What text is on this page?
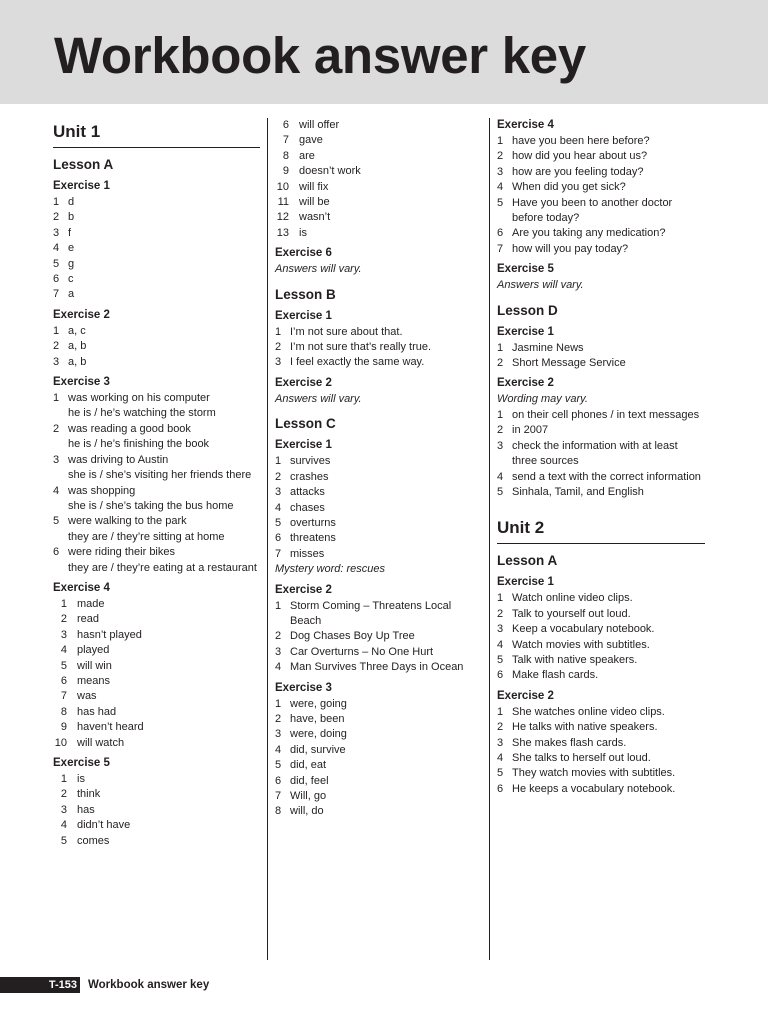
Workbook answer key
Unit 1
Lesson A
Exercise 1
1 d
2 b
3 f
4 e
5 g
6 c
7 a
Exercise 2
1 a, c
2 a, b
3 a, b
Exercise 3
1 was working on his computer
he is / he’s watching the storm
2 was reading a good book
he is / he’s finishing the book
3 was driving to Austin
she is / she’s visiting her friends there
4 was shopping
she is / she’s taking the bus home
5 were walking to the park
they are / they’re sitting at home
6 were riding their bikes
they are / they’re eating at a restaurant
Exercise 4
1 made
2 read
3 hasn’t played
4 played
5 will win
6 means
7 was
8 has had
9 haven’t heard
10 will watch
Exercise 5
1 is
2 think
3 has
4 didn’t have
5 comes
6 will offer
7 gave
8 are
9 doesn’t work
10 will fix
11 will be
12 wasn’t
13 is
Exercise 6
Answers will vary.
Lesson B
Exercise 1
1 I’m not sure about that.
2 I’m not sure that’s really true.
3 I feel exactly the same way.
Exercise 2
Answers will vary.
Lesson C
Exercise 1
1 survives
2 crashes
3 attacks
4 chases
5 overturns
6 threatens
7 misses
Mystery word: rescues
Exercise 2
1 Storm Coming – Threatens Local Beach
2 Dog Chases Boy Up Tree
3 Car Overturns – No One Hurt
4 Man Survives Three Days in Ocean
Exercise 3
1 were, going
2 have, been
3 were, doing
4 did, survive
5 did, eat
6 did, feel
7 Will, go
8 will, do
Exercise 4
1 have you been here before?
2 how did you hear about us?
3 how are you feeling today?
4 When did you get sick?
5 Have you been to another doctor before today?
6 Are you taking any medication?
7 how will you pay today?
Exercise 5
Answers will vary.
Lesson D
Exercise 1
1 Jasmine News
2 Short Message Service
Exercise 2
Wording may vary.
1 on their cell phones / in text messages
2 in 2007
3 check the information with at least three sources
4 send a text with the correct information
5 Sinhala, Tamil, and English
Unit 2
Lesson A
Exercise 1
1 Watch online video clips.
2 Talk to yourself out loud.
3 Keep a vocabulary notebook.
4 Watch movies with subtitles.
5 Talk with native speakers.
6 Make flash cards.
Exercise 2
1 She watches online video clips.
2 He talks with native speakers.
3 She makes flash cards.
4 She talks to herself out loud.
5 They watch movies with subtitles.
6 He keeps a vocabulary notebook.
T-153 Workbook answer key
